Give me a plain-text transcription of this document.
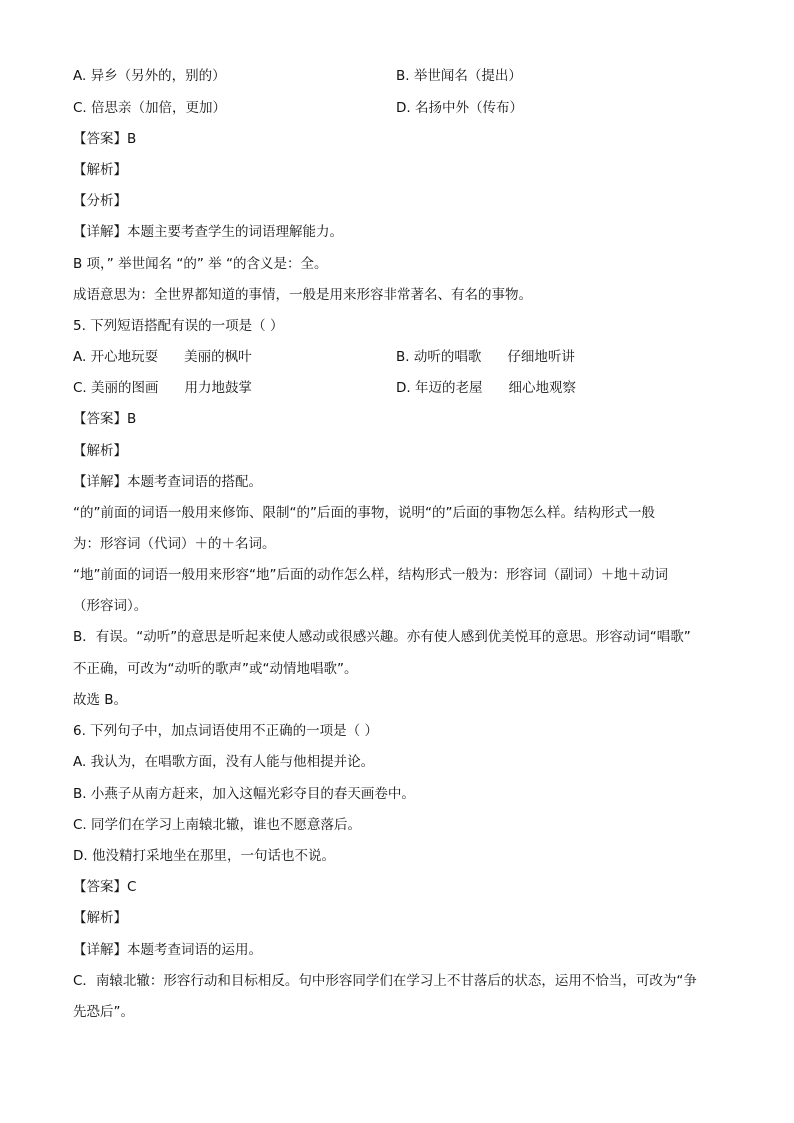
A. 异乡（另外的，别的）	B. 举世闻名（提出）
C. 倍思亲（加倍，更加）	D. 名扬中外（传布）
【答案】B
【解析】
【分析】
【详解】本题主要考查学生的词语理解能力。
B 项，” 举世闻名 “的” 举 “的含义是：全。
成语意思为：全世界都知道的事情，一般是用来形容非常著名、有名的事物。
5. 下列短语搭配有误的一项是（ ）
A. 开心地玩耍 美丽的枫叶	B. 动听的唱歌 仔细地听讲
C. 美丽的图画 用力地鼓掌	D. 年迈的老屋 细心地观察
【答案】B
【解析】
【详解】本题考查词语的搭配。
“的”前面的词语一般用来修饰、限制“的”后面的事物，说明“的”后面的事物怎么样。结构形式一般
为：形容词（代词）＋的＋名词。
“地”前面的词语一般用来形容“地”后面的动作怎么样，结构形式一般为：形容词（副词）＋地＋动词
（形容词）。
B．有误。“动听”的意思是听起来使人感动或很感兴趣。亦有使人感到优美悦耳的意思。形容动词“唱歌”
不正确，可改为“动听的歌声”或“动情地唱歌”。
故选 B。
6. 下列句子中，加点词语使用不正确的一项是（ ）
A. 我认为，在唱歌方面，没有人能与他相提并论。
B. 小燕子从南方赶来，加入这幅光彩夺目的春天画卷中。
C. 同学们在学习上南辕北辙，谁也不愿意落后。
D. 他没精打采地坐在那里，一句话也不说。
【答案】C
【解析】
【详解】本题考查词语的运用。
C．南辕北辙：形容行动和目标相反。句中形容同学们在学习上不甘落后的状态，运用不恰当，可改为“争
先恐后”。
